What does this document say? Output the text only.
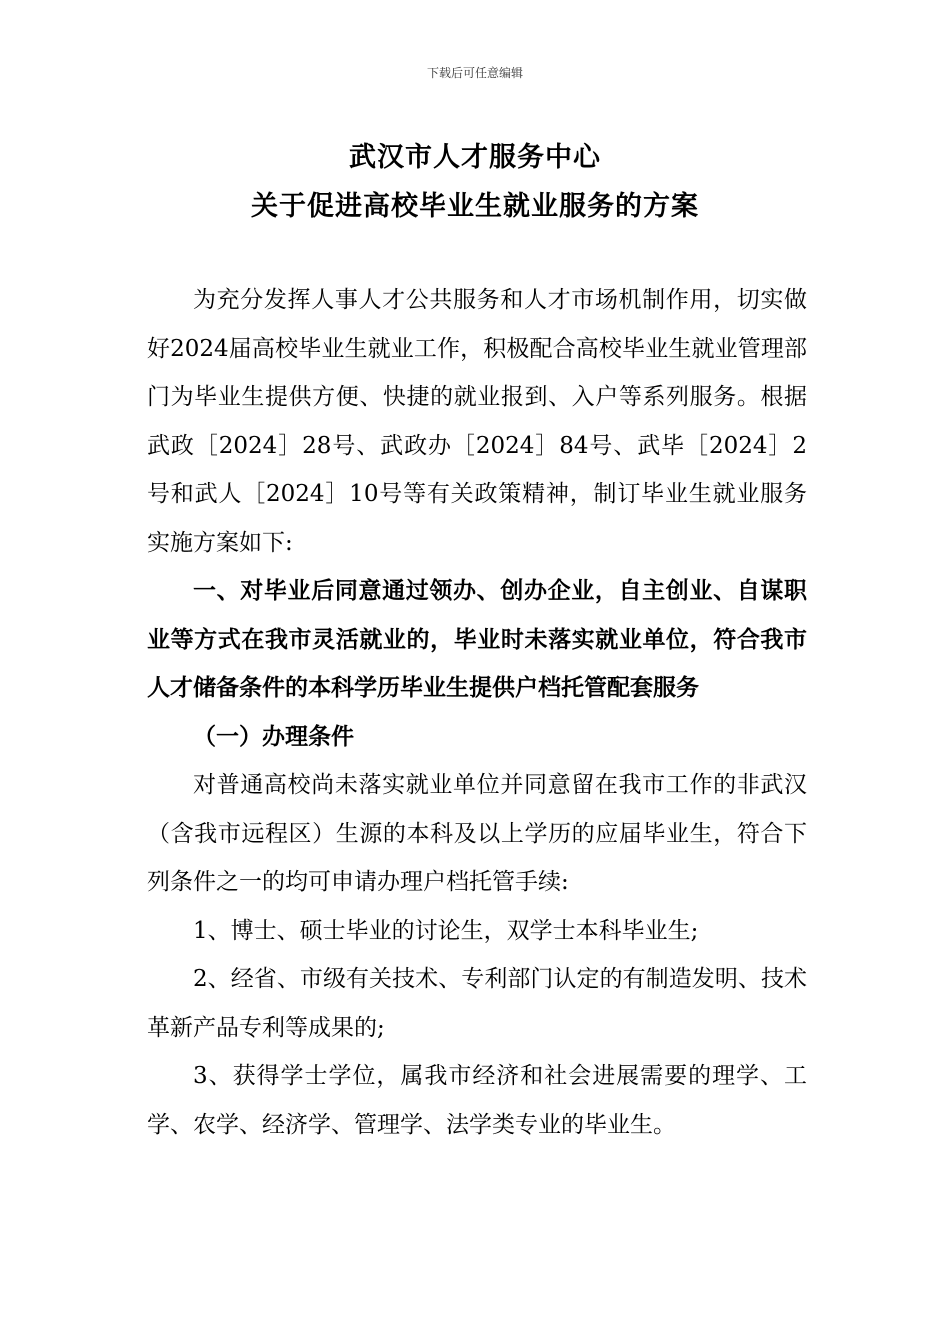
下载后可任意编辑
武汉市人才服务中心
关于促进高校毕业生就业服务的方案

为充分发挥人事人才公共服务和人才市场机制作用，切实做好2024届高校毕业生就业工作，积极配合高校毕业生就业管理部门为毕业生提供方便、快捷的就业报到、入户等系列服务。根据武政［2024］28号、武政办［2024］84号、武毕［2024］2号和武人［2024］10号等有关政策精神，制订毕业生就业服务实施方案如下:

一、对毕业后同意通过领办、创办企业，自主创业、自谋职业等方式在我市灵活就业的，毕业时未落实就业单位，符合我市人才储备条件的本科学历毕业生提供户档托管配套服务

（一）办理条件

对普通高校尚未落实就业单位并同意留在我市工作的非武汉（含我市远程区）生源的本科及以上学历的应届毕业生，符合下列条件之一的均可申请办理户档托管手续:

1、博士、硕士毕业的讨论生，双学士本科毕业生;

2、经省、市级有关技术、专利部门认定的有制造发明、技术革新产品专利等成果的;

3、获得学士学位，属我市经济和社会进展需要的理学、工学、农学、经济学、管理学、法学类专业的毕业生。
